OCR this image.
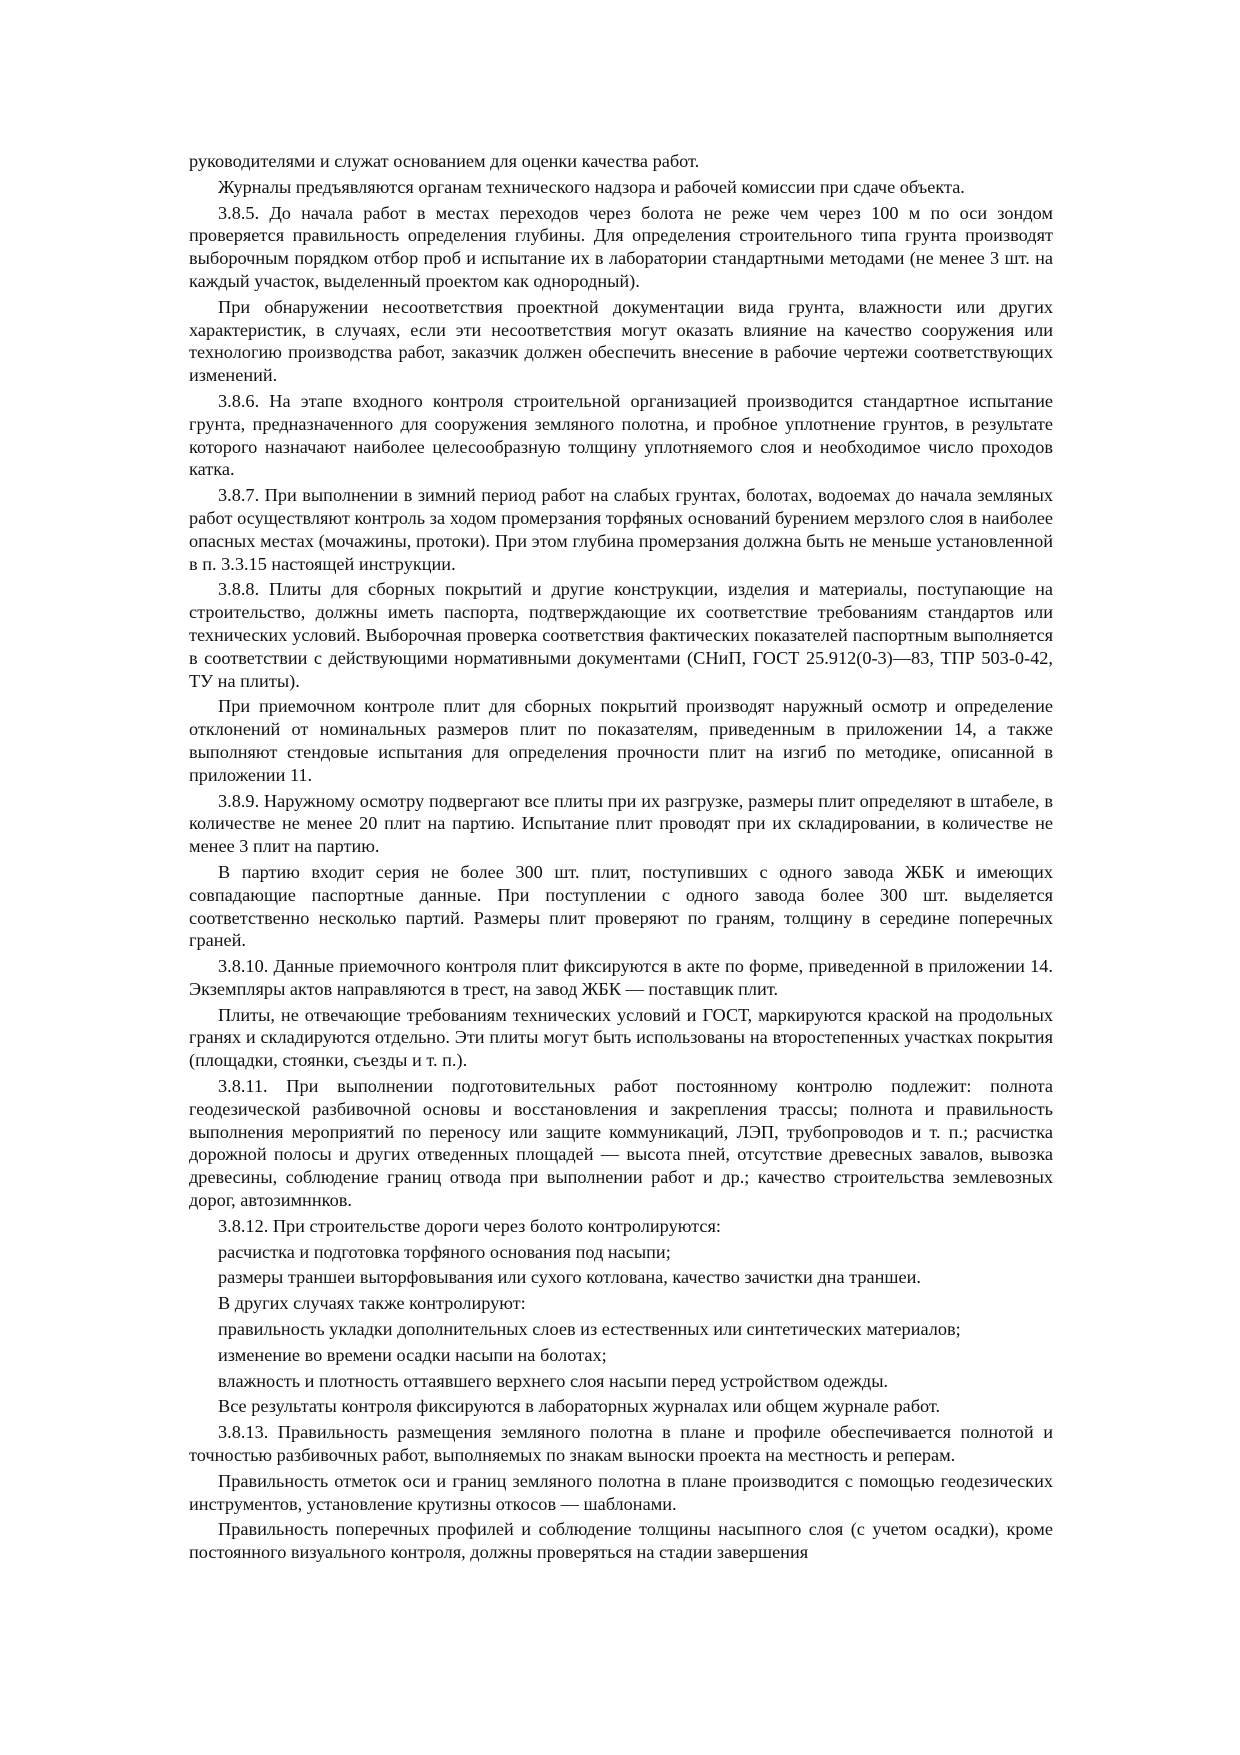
руководителями и служат основанием для оценки качества работ.

Журналы предъявляются органам технического надзора и рабочей комиссии при сдаче объекта.

3.8.5. До начала работ в местах переходов через болота не реже чем через 100 м по оси зондом проверяется правильность определения глубины. Для определения строительного типа грунта производят выборочным порядком отбор проб и испытание их в лаборатории стандартными методами (не менее 3 шт. на каждый участок, выделенный проектом как однородный).

При обнаружении несоответствия проектной документации вида грунта, влажности или других характеристик, в случаях, если эти несоответствия могут оказать влияние на качество сооружения или технологию производства работ, заказчик должен обеспечить внесение в рабочие чертежи соответствующих изменений.

3.8.6. На этапе входного контроля строительной организацией производится стандартное испытание грунта, предназначенного для сооружения земляного полотна, и пробное уплотнение грунтов, в результате которого назначают наиболее целесообразную толщину уплотняемого слоя и необходимое число проходов катка.

3.8.7. При выполнении в зимний период работ на слабых грунтах, болотах, водоемах до начала земляных работ осуществляют контроль за ходом промерзания торфяных оснований бурением мерзлого слоя в наиболее опасных местах (мочажины, протоки). При этом глубина промерзания должна быть не меньше установленной в п. 3.3.15 настоящей инструкции.

3.8.8. Плиты для сборных покрытий и другие конструкции, изделия и материалы, поступающие на строительство, должны иметь паспорта, подтверждающие их соответствие требованиям стандартов или технических условий. Выборочная проверка соответствия фактических показателей паспортным выполняется в соответствии с действующими нормативными документами (СНиП, ГОСТ 25.912(0-3)—83, ТПР 503-0-42, ТУ на плиты).

При приемочном контроле плит для сборных покрытий производят наружный осмотр и определение отклонений от номинальных размеров плит по показателям, приведенным в приложении 14, а также выполняют стендовые испытания для определения прочности плит на изгиб по методике, описанной в приложении 11.

3.8.9. Наружному осмотру подвергают все плиты при их разгрузке, размеры плит определяют в штабеле, в количестве не менее 20 плит на партию. Испытание плит проводят при их складировании, в количестве не менее 3 плит на партию.

В партию входит серия не более 300 шт. плит, поступивших с одного завода ЖБК и имеющих совпадающие паспортные данные. При поступлении с одного завода более 300 шт. выделяется соответственно несколько партий. Размеры плит проверяют по граням, толщину в середине поперечных граней.

3.8.10. Данные приемочного контроля плит фиксируются в акте по форме, приведенной в приложении 14. Экземпляры актов направляются в трест, на завод ЖБК — поставщик плит.

Плиты, не отвечающие требованиям технических условий и ГОСТ, маркируются краской на продольных гранях и складируются отдельно. Эти плиты могут быть использованы на второстепенных участках покрытия (площадки, стоянки, съезды и т. п.).

3.8.11. При выполнении подготовительных работ постоянному контролю подлежит: полнота геодезической разбивочной основы и восстановления и закрепления трассы; полнота и правильность выполнения мероприятий по переносу или защите коммуникаций, ЛЭП, трубопроводов и т. п.; расчистка дорожной полосы и других отведенных площадей — высота пней, отсутствие древесных завалов, вывозка древесины, соблюдение границ отвода при выполнении работ и др.; качество строительства землевозных дорог, автозимннков.

3.8.12. При строительстве дороги через болото контролируются:

расчистка и подготовка торфяного основания под насыпи;

размеры траншеи выторфовывания или сухого котлована, качество зачистки дна траншеи.

В других случаях также контролируют:

правильность укладки дополнительных слоев из естественных или синтетических материалов;

изменение во времени осадки насыпи на болотах;

влажность и плотность оттаявшего верхнего слоя насыпи перед устройством одежды.

Все результаты контроля фиксируются в лабораторных журналах или общем журнале работ.

3.8.13. Правильность размещения земляного полотна в плане и профиле обеспечивается полнотой и точностью разбивочных работ, выполняемых по знакам выноски проекта на местность и реперам.

Правильность отметок оси и границ земляного полотна в плане производится с помощью геодезических инструментов, установление крутизны откосов — шаблонами.

Правильность поперечных профилей и соблюдение толщины насыпного слоя (с учетом осадки), кроме постоянного визуального контроля, должны проверяться на стадии завершения
